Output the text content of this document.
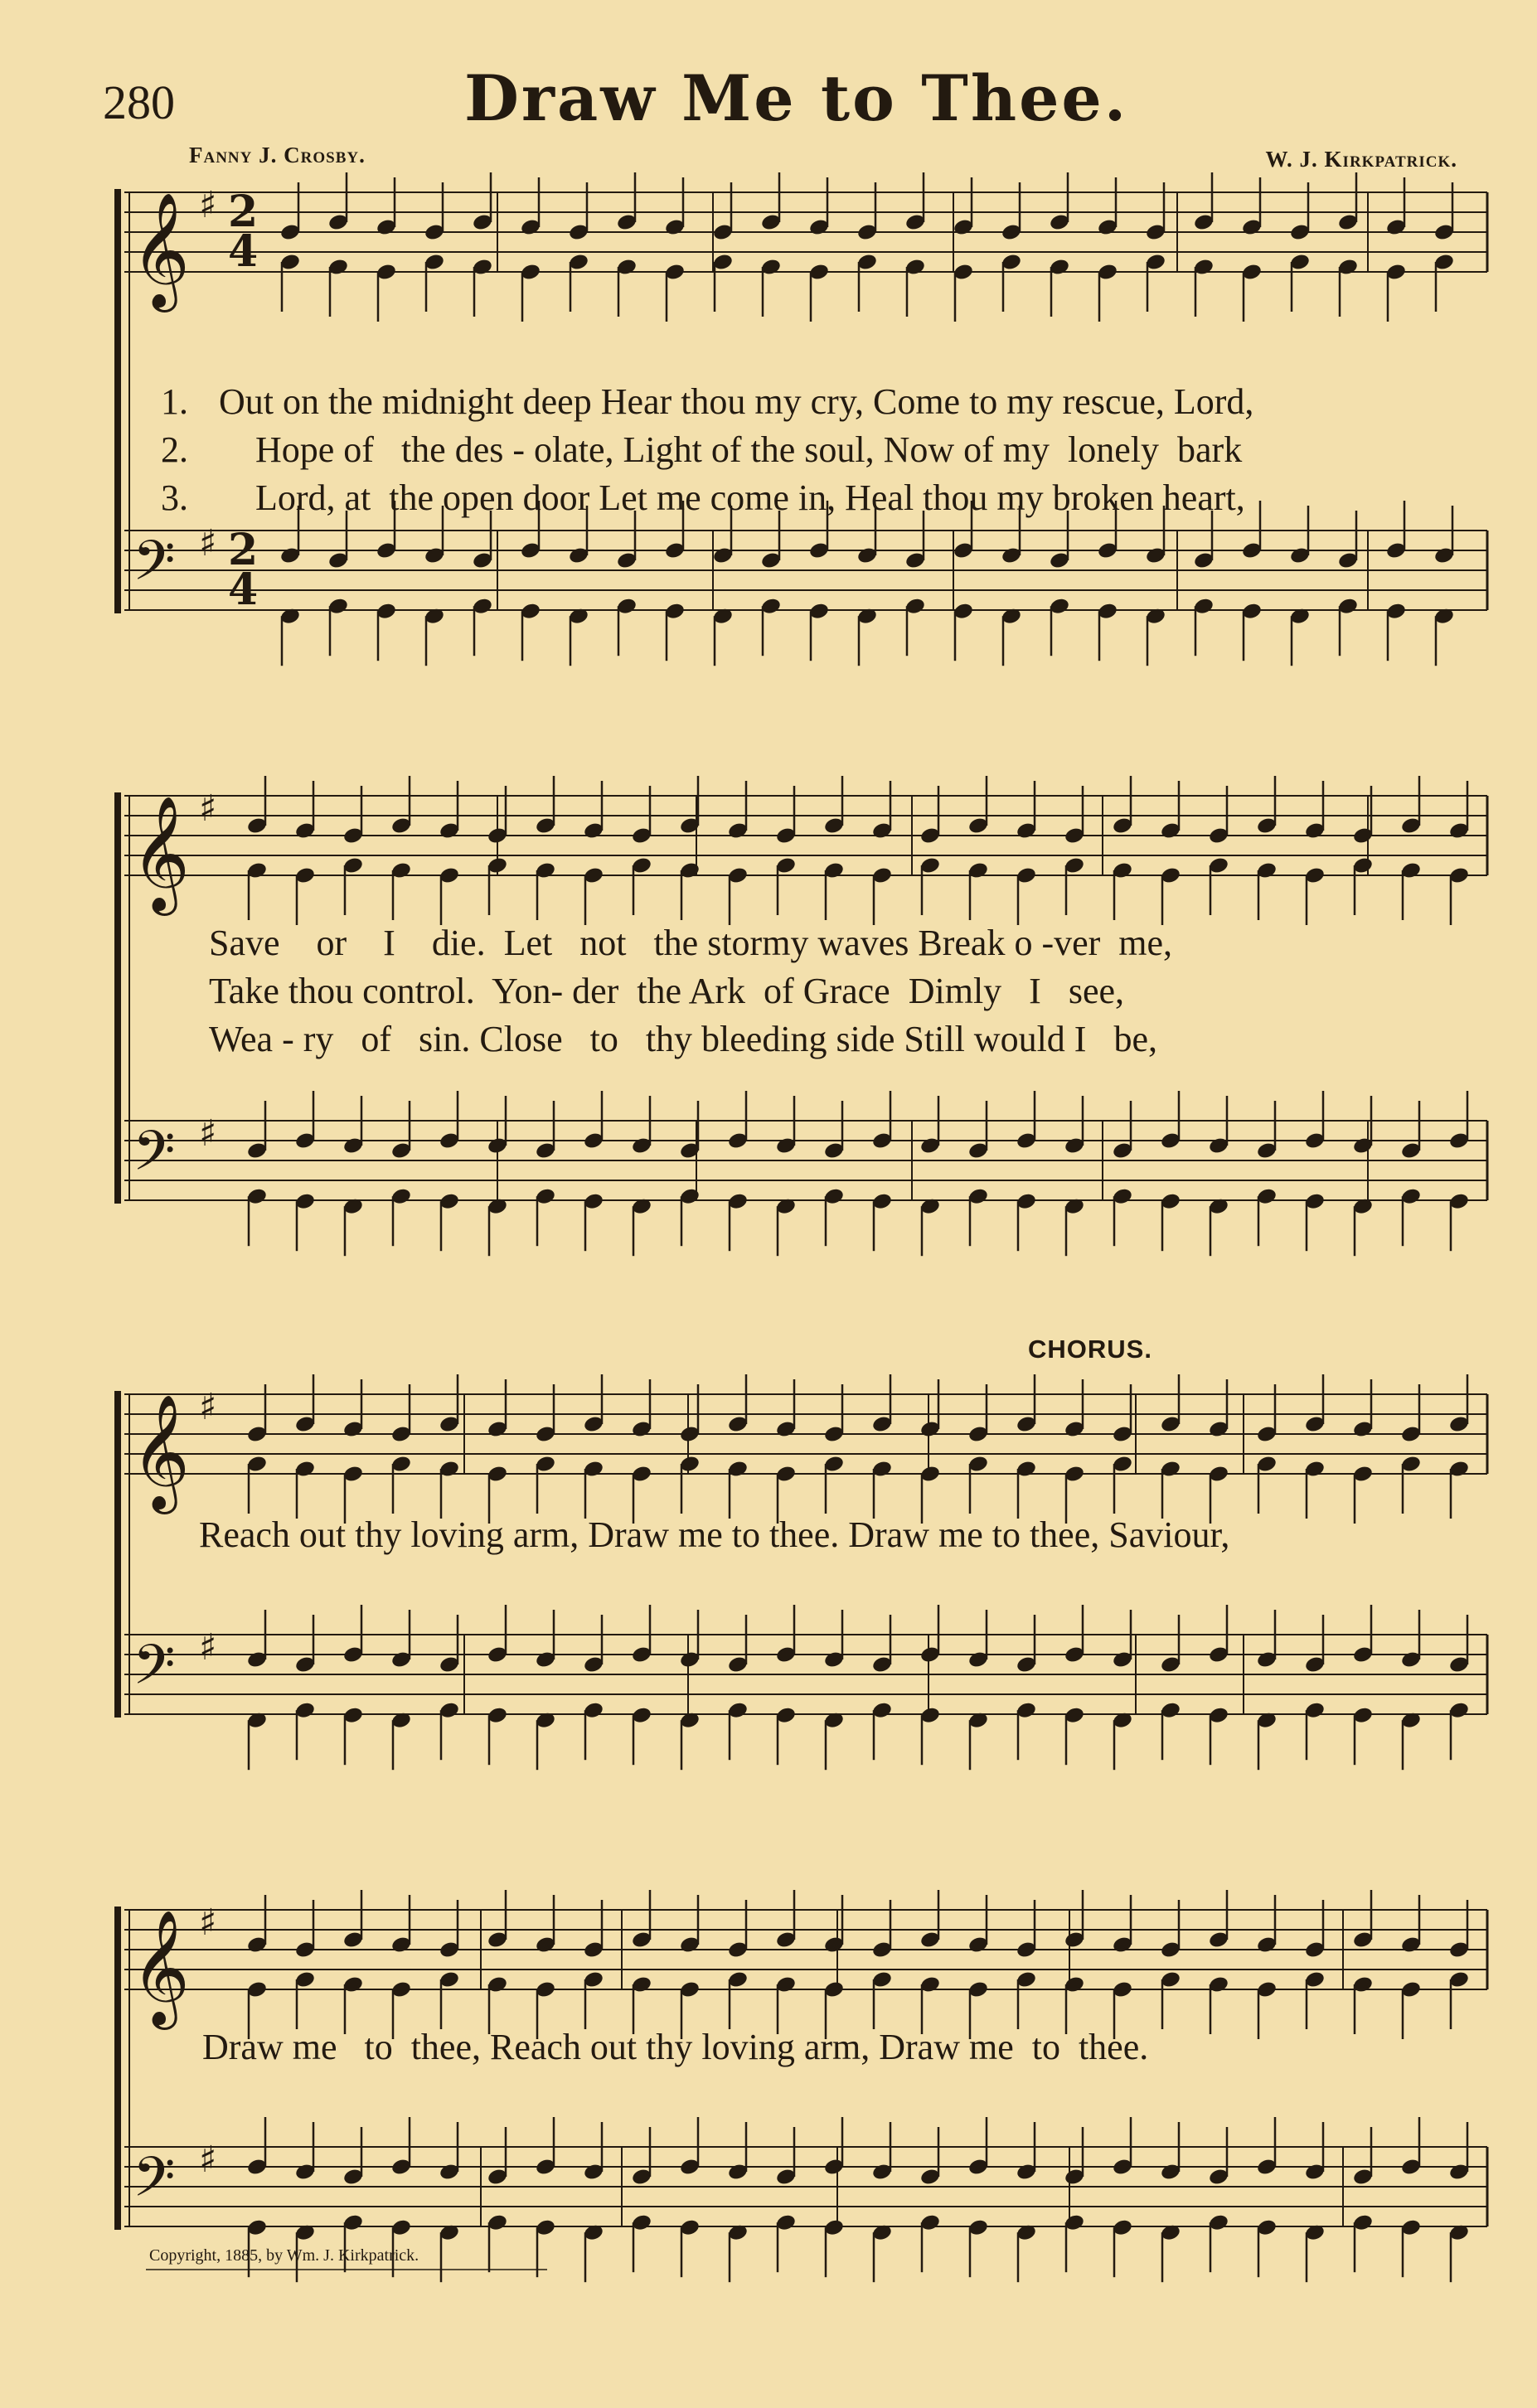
280	Draw Me to Thee.
Fanny J. Crosby.	W. J. Kirkpatrick.
CHORUS.
𝄞
𝄢
♯
♯
2
4
2
4
𝄞
𝄢
♯
♯
𝄞
𝄢
♯
♯
𝄞
𝄢
♯
♯

1. Out on the midnight deep Hear thou my cry, Come to my rescue, Lord,

2.    Hope of   the des - olate, Light of the soul, Now of my  lonely  bark

3.    Lord, at  the open door Let me come in, Heal thou my broken heart,

Save    or    I    die.  Let   not   the stormy waves Break o -ver  me,
Take thou control.  Yon- der  the Ark  of Grace  Dimly   I   see,
Wea - ry   of   sin. Close   to   thy bleeding side Still would I   be,
Reach out thy loving arm, Draw me to thee. Draw me to thee, Saviour,
Draw me   to  thee, Reach out thy loving arm, Draw me  to  thee.
Copyright, 1885, by Wm. J. Kirkpatrick.
